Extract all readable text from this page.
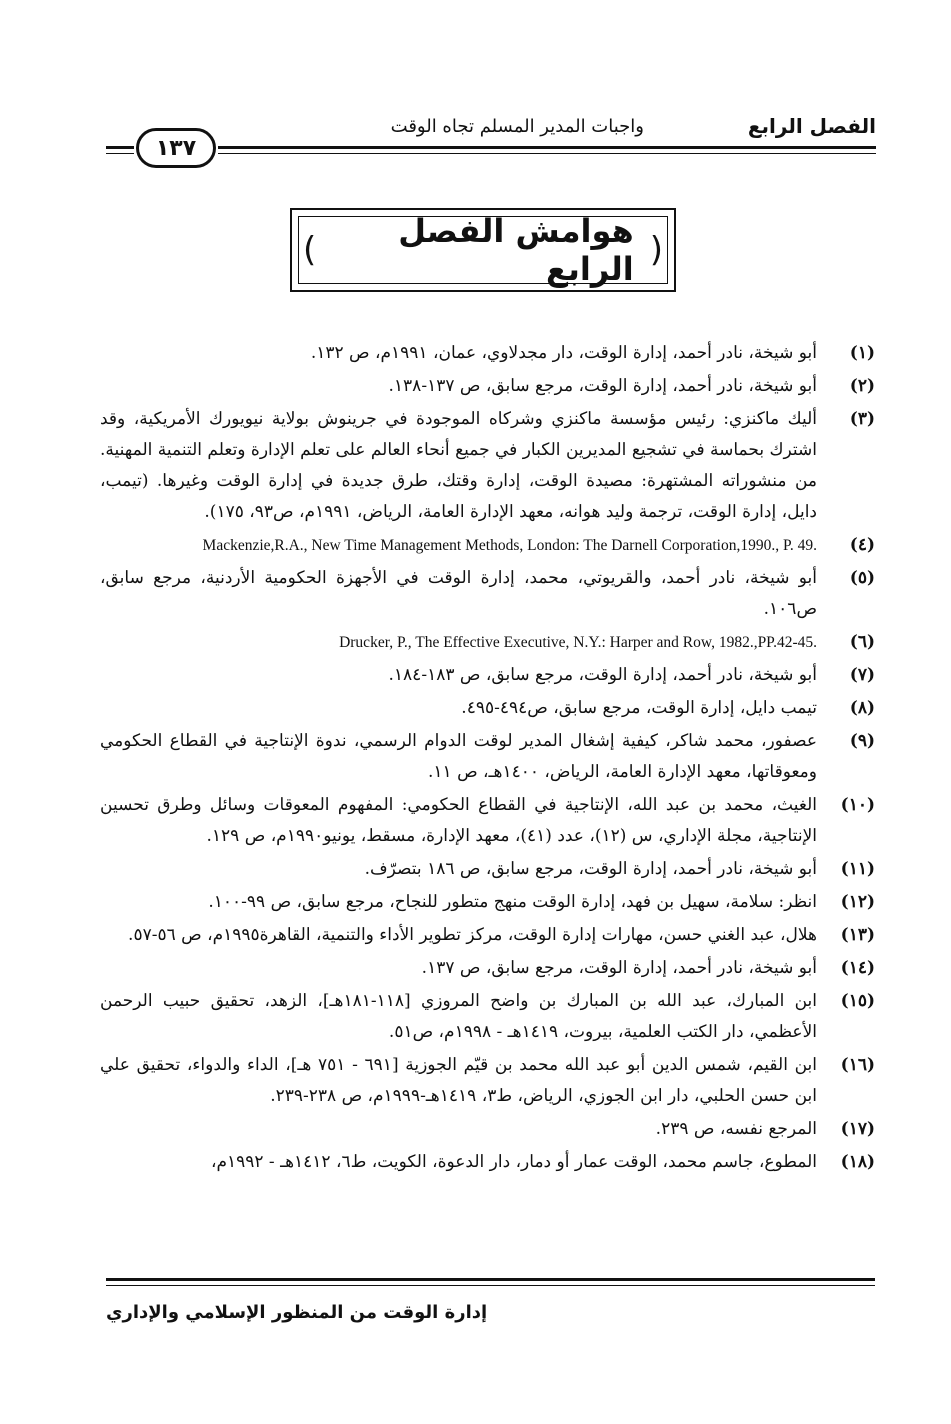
الفصل الرابع
واجبات المدير المسلم تجاه الوقت
١٣٧
(	هوامش الفصل الرابع )
(١)
أبو شيخة، نادر أحمد، إدارة الوقت، دار مجدلاوي، عمان، ١٩٩١م، ص ١٣٢.
(٢)
أبو شيخة، نادر أحمد، إدارة الوقت، مرجع سابق، ص ١٣٧-١٣٨.
(٣)
أليك ماكنزي: رئيس مؤسسة ماكنزي وشركاه الموجودة في جرينوش بولاية نيويورك الأمريكية، وقد اشترك بحماسة في تشجيع المديرين الكبار في جميع أنحاء العالم على تعلم الإدارة وتعلم التنمية المهنية. من منشوراته المشتهرة: مصيدة الوقت، إدارة وقتك، طرق جديدة في إدارة الوقت وغيرها. (تيمب، دايل، إدارة الوقت، ترجمة وليد هوانه، معهد الإدارة العامة، الرياض، ١٩٩١م، ص٩٣، ١٧٥).
(٤)
Mackenzie,R.A., New Time Management Methods, London: The Darnell Corporation,1990., P. 49.
(٥)
أبو شيخة، نادر أحمد، والقريوتي، محمد، إدارة الوقت في الأجهزة الحكومية الأردنية، مرجع سابق، ص١٠٦.
(٦)
Drucker, P., The Effective Executive, N.Y.: Harper and Row, 1982.,PP.42-45.
(٧)
أبو شيخة، نادر أحمد، إدارة الوقت، مرجع سابق، ص ١٨٣-١٨٤.
(٨)
تيمب دايل، إدارة الوقت، مرجع سابق، ص٤٩٤-٤٩٥.
(٩)
عصفور، محمد شاكر، كيفية إشغال المدير لوقت الدوام الرسمي، ندوة الإنتاجية في القطاع الحكومي ومعوقاتها، معهد الإدارة العامة، الرياض، ١٤٠٠هـ، ص ١١.
(١٠)
الغيث، محمد بن عبد الله، الإنتاجية في القطاع الحكومي: المفهوم المعوقات وسائل وطرق تحسين الإنتاجية، مجلة الإداري، س (١٢)، عدد (٤١)، معهد الإدارة، مسقط، يونيو١٩٩٠م، ص ١٢٩.
(١١)
أبو شيخة، نادر أحمد، إدارة الوقت، مرجع سابق، ص ١٨٦ بتصرّف.
(١٢)
انظر: سلامة، سهيل بن فهد، إدارة الوقت منهج متطور للنجاح، مرجع سابق، ص ٩٩-١٠٠.
(١٣)
هلال، عبد الغني حسن، مهارات إدارة الوقت، مركز تطوير الأداء والتنمية، القاهرة١٩٩٥م، ص ٥٦-٥٧.
(١٤)
أبو شيخة، نادر أحمد، إدارة الوقت، مرجع سابق، ص ١٣٧.
(١٥)
ابن المبارك، عبد الله بن المبارك بن واضح المروزي [١١٨-١٨١هـ]، الزهد، تحقيق حبيب الرحمن الأعظمي، دار الكتب العلمية، بيروت، ١٤١٩هـ - ١٩٩٨م، ص٥١.
(١٦)
ابن القيم، شمس الدين أبو عبد الله محمد بن قيّم الجوزية [٦٩١ - ٧٥١ هـ]، الداء والدواء، تحقيق علي ابن حسن الحلبي، دار ابن الجوزي، الرياض، ط٣، ١٤١٩هـ-١٩٩٩م، ص ٢٣٨-٢٣٩.
(١٧)
المرجع نفسه، ص ٢٣٩.
(١٨)
المطوع، جاسم محمد، الوقت عمار أو دمار، دار الدعوة، الكويت، ط٦، ١٤١٢هـ - ١٩٩٢م،
إدارة الوقت من المنظور الإسلامي والإداري
